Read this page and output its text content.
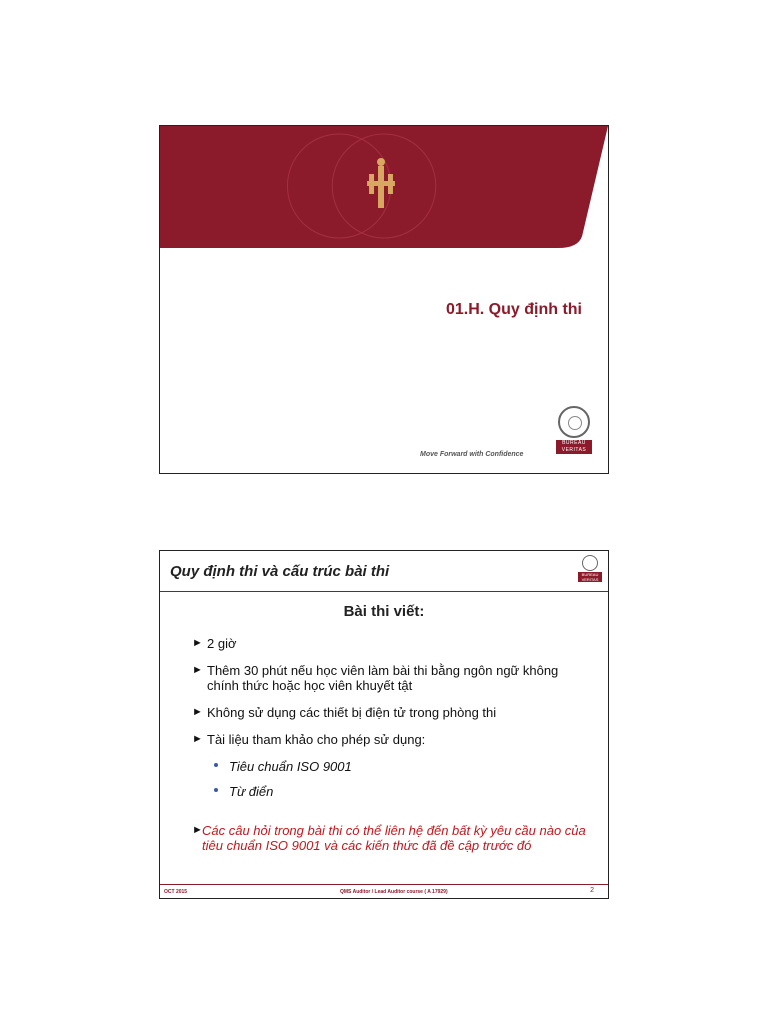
01.H. Quy định thi
Move Forward with Confidence
BUREAU
VERITAS
Quy định thi và cấu trúc bài thi	BUREAU
VERITAS
Bài thi viết:
► 2 giờ
► Thêm 30 phút nếu học viên làm bài thi bằng ngôn ngữ không chính thức hoặc học viên khuyết tật
► Không sử dụng các thiết bị điện tử trong phòng thi
► Tài liệu tham khảo cho phép sử dụng:
Tiêu chuẩn ISO 9001
Từ điển
► Các câu hỏi trong bài thi có thể liên hệ đến bất kỳ yêu cầu nào của tiêu chuẩn ISO 9001 và các kiến thức đã đề cập trước đó
OCT 2015	QMS Auditor / Lead Auditor course ( A 17929)	2
